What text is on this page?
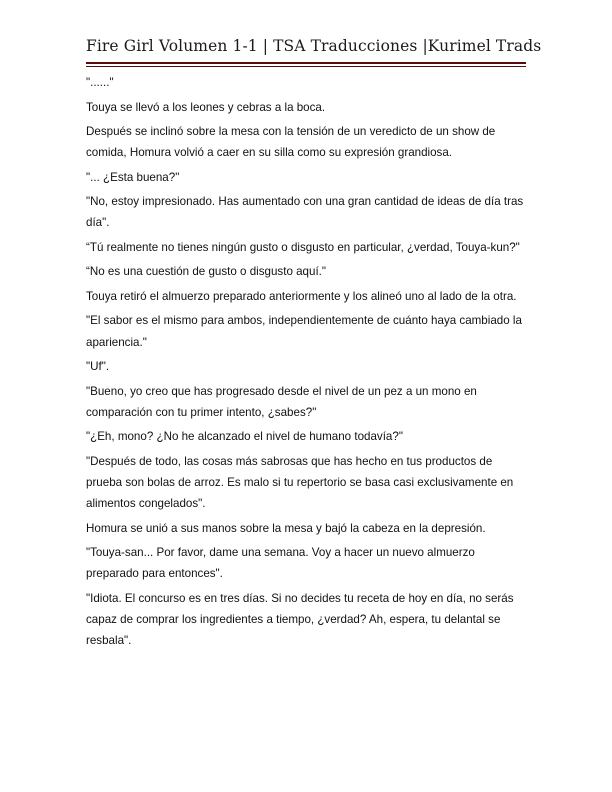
Fire Girl Volumen 1-1 | TSA Traducciones |Kurimel Trads

"......"

Touya se llevó a los leones y cebras a la boca.

Después se inclinó sobre la mesa con la tensión de un veredicto de un show de comida, Homura volvió a caer en su silla como su expresión grandiosa.

"... ¿Esta buena?"

"No, estoy impresionado. Has aumentado con una gran cantidad de ideas de día tras día".

“Tú realmente no tienes ningún gusto o disgusto en particular, ¿verdad, Touya-kun?"

“No es una cuestión de gusto o disgusto aquí."

Touya retiró el almuerzo preparado anteriormente y los alineó uno al lado de la otra.

"El sabor es el mismo para ambos, independientemente de cuánto haya cambiado la apariencia."

"Uf".

"Bueno, yo creo que has progresado desde el nivel de un pez a un mono en comparación con tu primer intento, ¿sabes?"

"¿Eh, mono? ¿No he alcanzado el nivel de humano todavía?"

"Después de todo, las cosas más sabrosas que has hecho en tus productos de prueba son bolas de arroz. Es malo si tu repertorio se basa casi exclusivamente en alimentos congelados".

Homura se unió a sus manos sobre la mesa y bajó la cabeza en la depresión.

"Touya-san... Por favor, dame una semana. Voy a hacer un nuevo almuerzo preparado para entonces".

"Idiota. El concurso es en tres días. Si no decides tu receta de hoy en día, no serás capaz de comprar los ingredientes a tiempo, ¿verdad? Ah, espera, tu delantal se resbala".
